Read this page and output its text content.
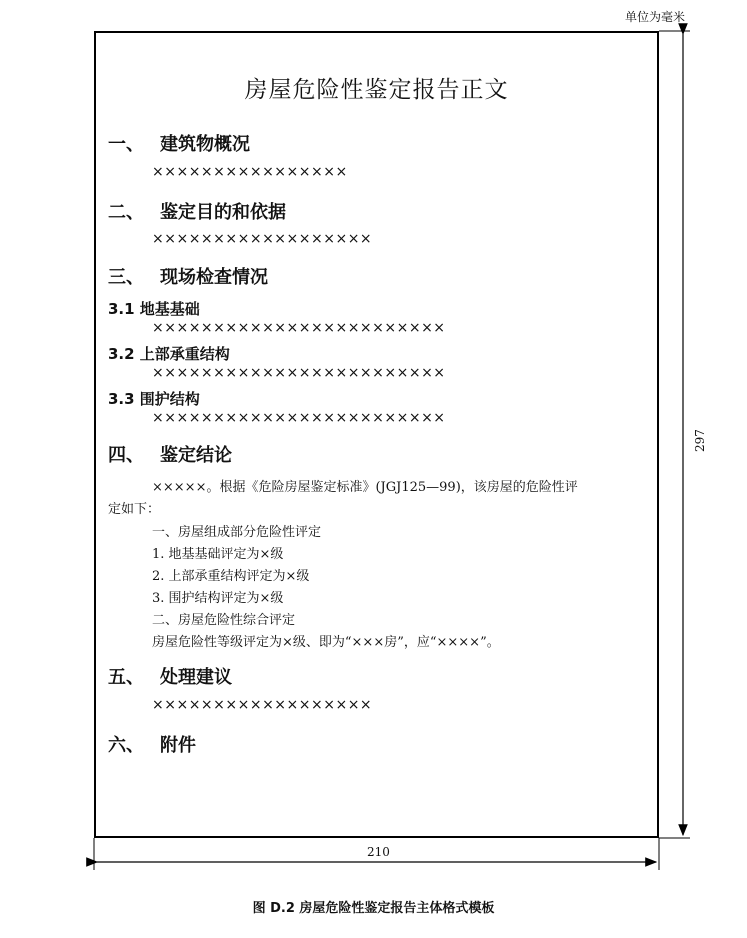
单位为毫米
297
210
房屋危险性鉴定报告正文
一、 建筑物概况
××××××××××××××××
二、 鉴定目的和依据
××××××××××××××××××
三、 现场检查情况
3.1 地基基础
××××××××××××××××××××××××
3.2 上部承重结构
××××××××××××××××××××××××
3.3 围护结构
××××××××××××××××××××××××
四、 鉴定结论
×××××。根据《危险房屋鉴定标准》(JGJ125—99)，该房屋的危险性评
定如下：
一、房屋组成部分危险性评定
1. 地基基础评定为×级
2. 上部承重结构评定为×级
3. 围护结构评定为×级
二、房屋危险性综合评定
房屋危险性等级评定为×级、即为“×××房”，应“××××”。
五、 处理建议
××××××××××××××××××
六、 附件
图 D.2 房屋危险性鉴定报告主体格式模板
